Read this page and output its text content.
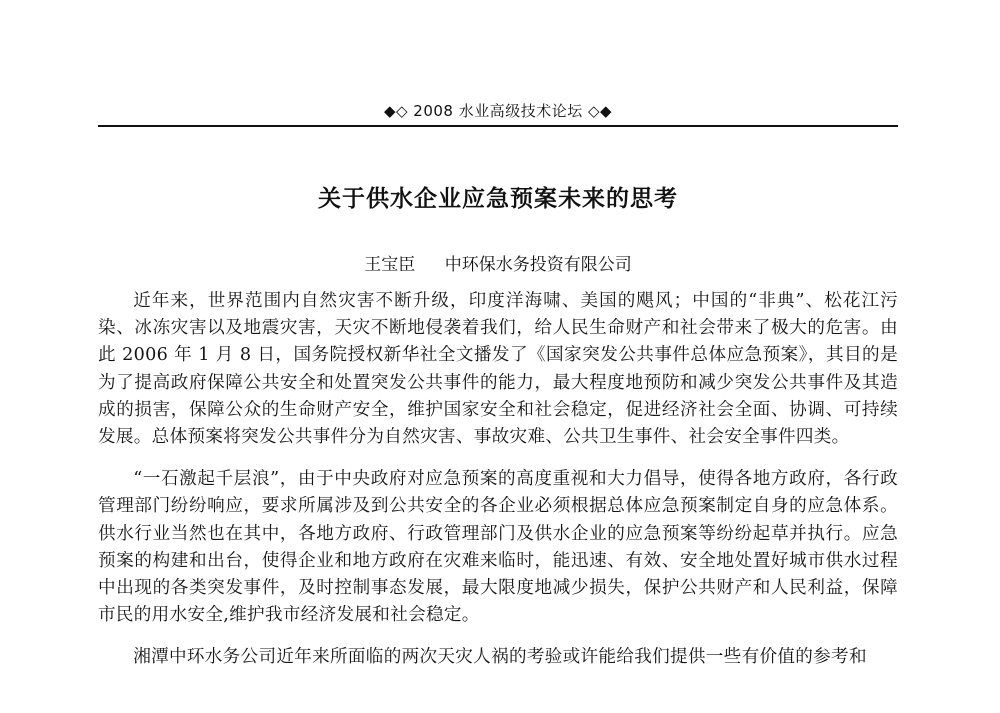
◆◇ 2008 水业高级技术论坛 ◇◆
关于供水企业应急预案未来的思考
王宝臣 中环保水务投资有限公司

近年来，世界范围内自然灾害不断升级，印度洋海啸、美国的飓风；中国的“非典”、松花江污染、冰冻灾害以及地震灾害，天灾不断地侵袭着我们，给人民生命财产和社会带来了极大的危害。由此 2006 年 1 月 8 日，国务院授权新华社全文播发了《国家突发公共事件总体应急预案》，其目的是为了提高政府保障公共安全和处置突发公共事件的能力，最大程度地预防和减少突发公共事件及其造成的损害，保障公众的生命财产安全，维护国家安全和社会稳定，促进经济社会全面、协调、可持续发展。总体预案将突发公共事件分为自然灾害、事故灾难、公共卫生事件、社会安全事件四类。

“一石激起千层浪”，由于中央政府对应急预案的高度重视和大力倡导，使得各地方政府，各行政管理部门纷纷响应，要求所属涉及到公共安全的各企业必须根据总体应急预案制定自身的应急体系。供水行业当然也在其中，各地方政府、行政管理部门及供水企业的应急预案等纷纷起草并执行。应急预案的构建和出台，使得企业和地方政府在灾难来临时，能迅速、有效、安全地处置好城市供水过程中出现的各类突发事件，及时控制事态发展，最大限度地减少损失，保护公共财产和人民利益，保障市民的用水安全,维护我市经济发展和社会稳定。

湘潭中环水务公司近年来所面临的两次天灾人祸的考验或许能给我们提供一些有价值的参考和
